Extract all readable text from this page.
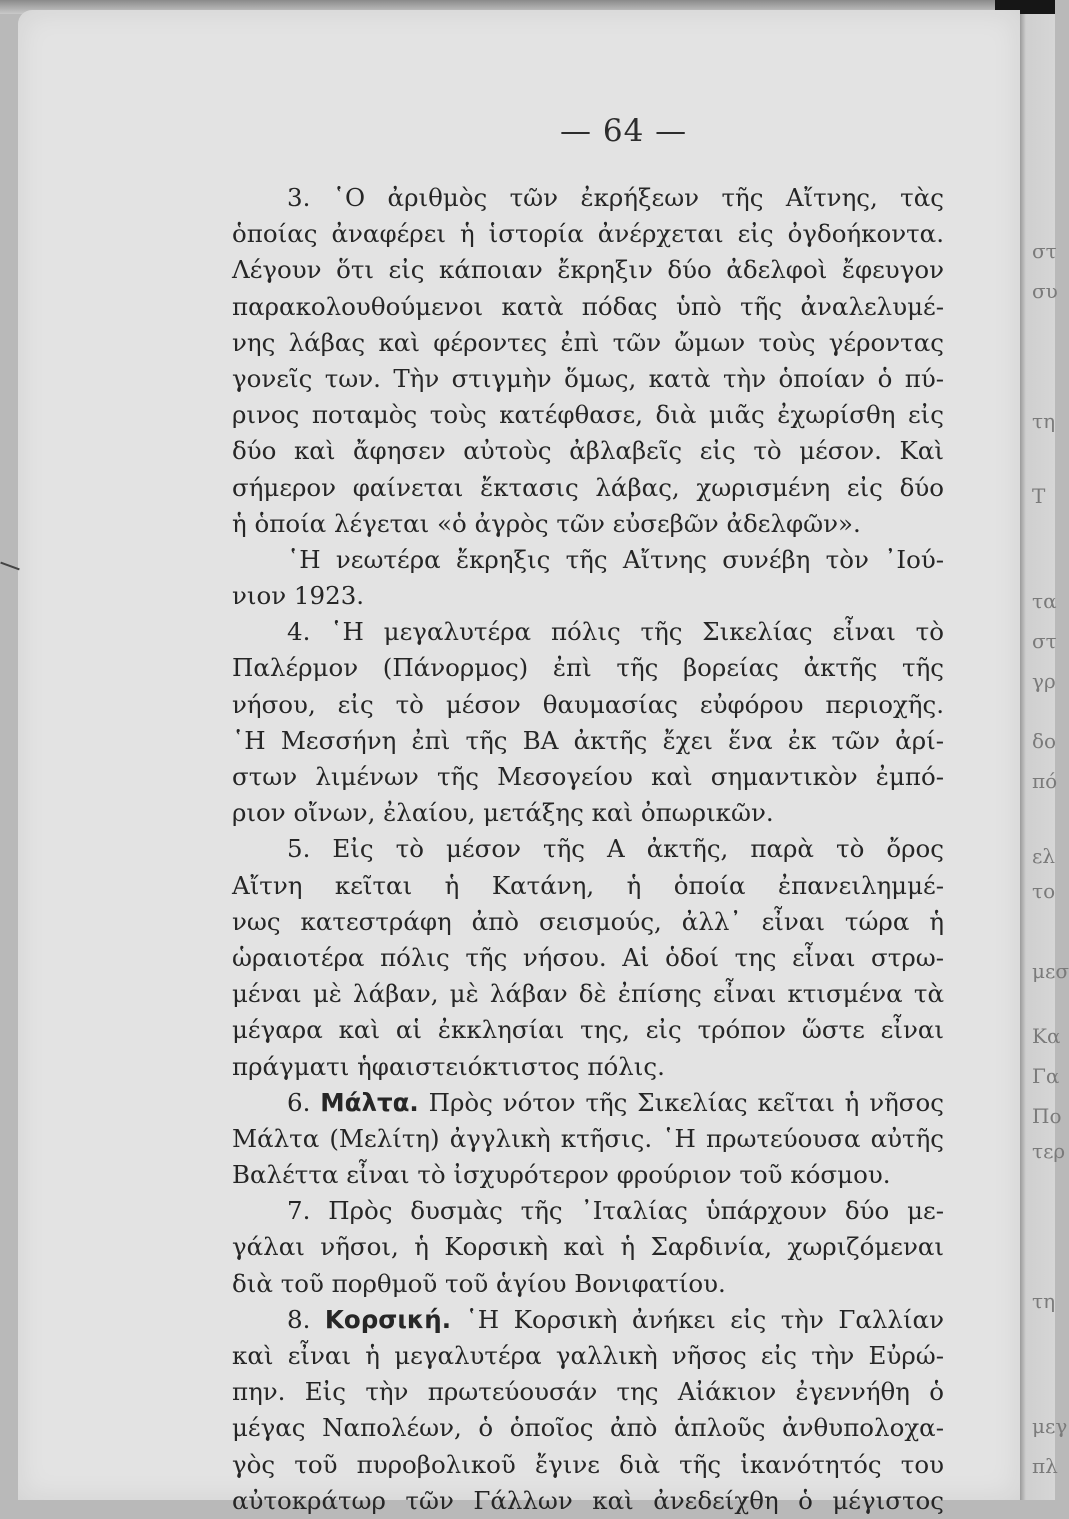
στ
συ
τη
Τ
τα
στ
γρ
δο
πό
ελ
το
μεσ
Κα
Γα
Πο
τερ
τη
μεγ
πλ
— 64 —
3. ῾Ο ἀριθμὸς τῶν ἐκρήξεων τῆς Αἴτνης, τὰς
ὁποίας ἀναφέρει ἡ ἱστορία ἀνέρχεται εἰς ὀγδοήκοντα.
Λέγουν ὅτι εἰς κάποιαν ἔκρηξιν δύο ἀδελφοὶ ἔφευγον
παρακολουθούμενοι κατὰ πόδας ὑπὸ τῆς ἀναλελυμέ-
νης λάβας καὶ φέροντες ἐπὶ τῶν ὤμων τοὺς γέροντας
γονεῖς των. Τὴν στιγμὴν ὅμως, κατὰ τὴν ὁποίαν ὁ πύ-
ρινος ποταμὸς τοὺς κατέφθασε, διὰ μιᾶς ἐχωρίσθη εἰς
δύο καὶ ἄφησεν αὐτοὺς ἀβλαβεῖς εἰς τὸ μέσον. Καὶ
σήμερον φαίνεται ἔκτασις λάβας, χωρισμένη εἰς δύο
ἡ ὁποία λέγεται «ὁ ἀγρὸς τῶν εὐσεβῶν ἀδελφῶν».
῾Η νεωτέρα ἔκρηξις τῆς Αἴτνης συνέβη τὸν ᾿Ιού-
νιον 1923.
4. ῾Η μεγαλυτέρα πόλις τῆς Σικελίας εἶναι τὸ
Παλέρμον (Πάνορμος) ἐπὶ τῆς βορείας ἀκτῆς τῆς
νήσου, εἰς τὸ μέσον θαυμασίας εὐφόρου περιοχῆς.
῾Η Μεσσήνη ἐπὶ τῆς ΒΑ ἀκτῆς ἔχει ἕνα ἐκ τῶν ἀρί-
στων λιμένων τῆς Μεσογείου καὶ σημαντικὸν ἐμπό-
ριον οἴνων, ἐλαίου, μετάξης καὶ ὀπωρικῶν.
5. Εἰς τὸ μέσον τῆς Α ἀκτῆς, παρὰ τὸ ὄρος
Αἴτνη κεῖται ἡ Κατάνη, ἡ ὁποία ἐπανειλημμέ-
νως κατεστράφη ἀπὸ σεισμούς, ἀλλ᾿ εἶναι τώρα ἡ
ὡραιοτέρα πόλις τῆς νήσου. Αἱ ὁδοί της εἶναι στρω-
μέναι μὲ λάβαν, μὲ λάβαν δὲ ἐπίσης εἶναι κτισμένα τὰ
μέγαρα καὶ αἱ ἐκκλησίαι της, εἰς τρόπον ὥστε εἶναι
πράγματι ἡφαιστειόκτιστος πόλις.
6. Μάλτα. Πρὸς νότον τῆς Σικελίας κεῖται ἡ νῆσος
Μάλτα (Μελίτη) ἀγγλικὴ κτῆσις. ῾Η πρωτεύουσα αὐτῆς
Βαλέττα εἶναι τὸ ἰσχυρότερον φρούριον τοῦ κόσμου.
7. Πρὸς δυσμὰς τῆς ᾿Ιταλίας ὑπάρχουν δύο με-
γάλαι νῆσοι, ἡ Κορσικὴ καὶ ἡ Σαρδινία, χωριζόμεναι
διὰ τοῦ πορθμοῦ τοῦ ἁγίου Βονιφατίου.
8. Κορσική. ῾Η Κορσικὴ ἀνήκει εἰς τὴν Γαλλίαν
καὶ εἶναι ἡ μεγαλυτέρα γαλλικὴ νῆσος εἰς τὴν Εὐρώ-
πην. Εἰς τὴν πρωτεύουσάν της Αἰάκιον ἐγεννήθη ὁ
μέγας Ναπολέων, ὁ ὁποῖος ἀπὸ ἁπλοῦς ἀνθυπολοχα-
γὸς τοῦ πυροβολικοῦ ἔγινε διὰ τῆς ἱκανότητός του
αὐτοκράτωρ τῶν Γάλλων καὶ ἀνεδείχθη ὁ μέγιστος
